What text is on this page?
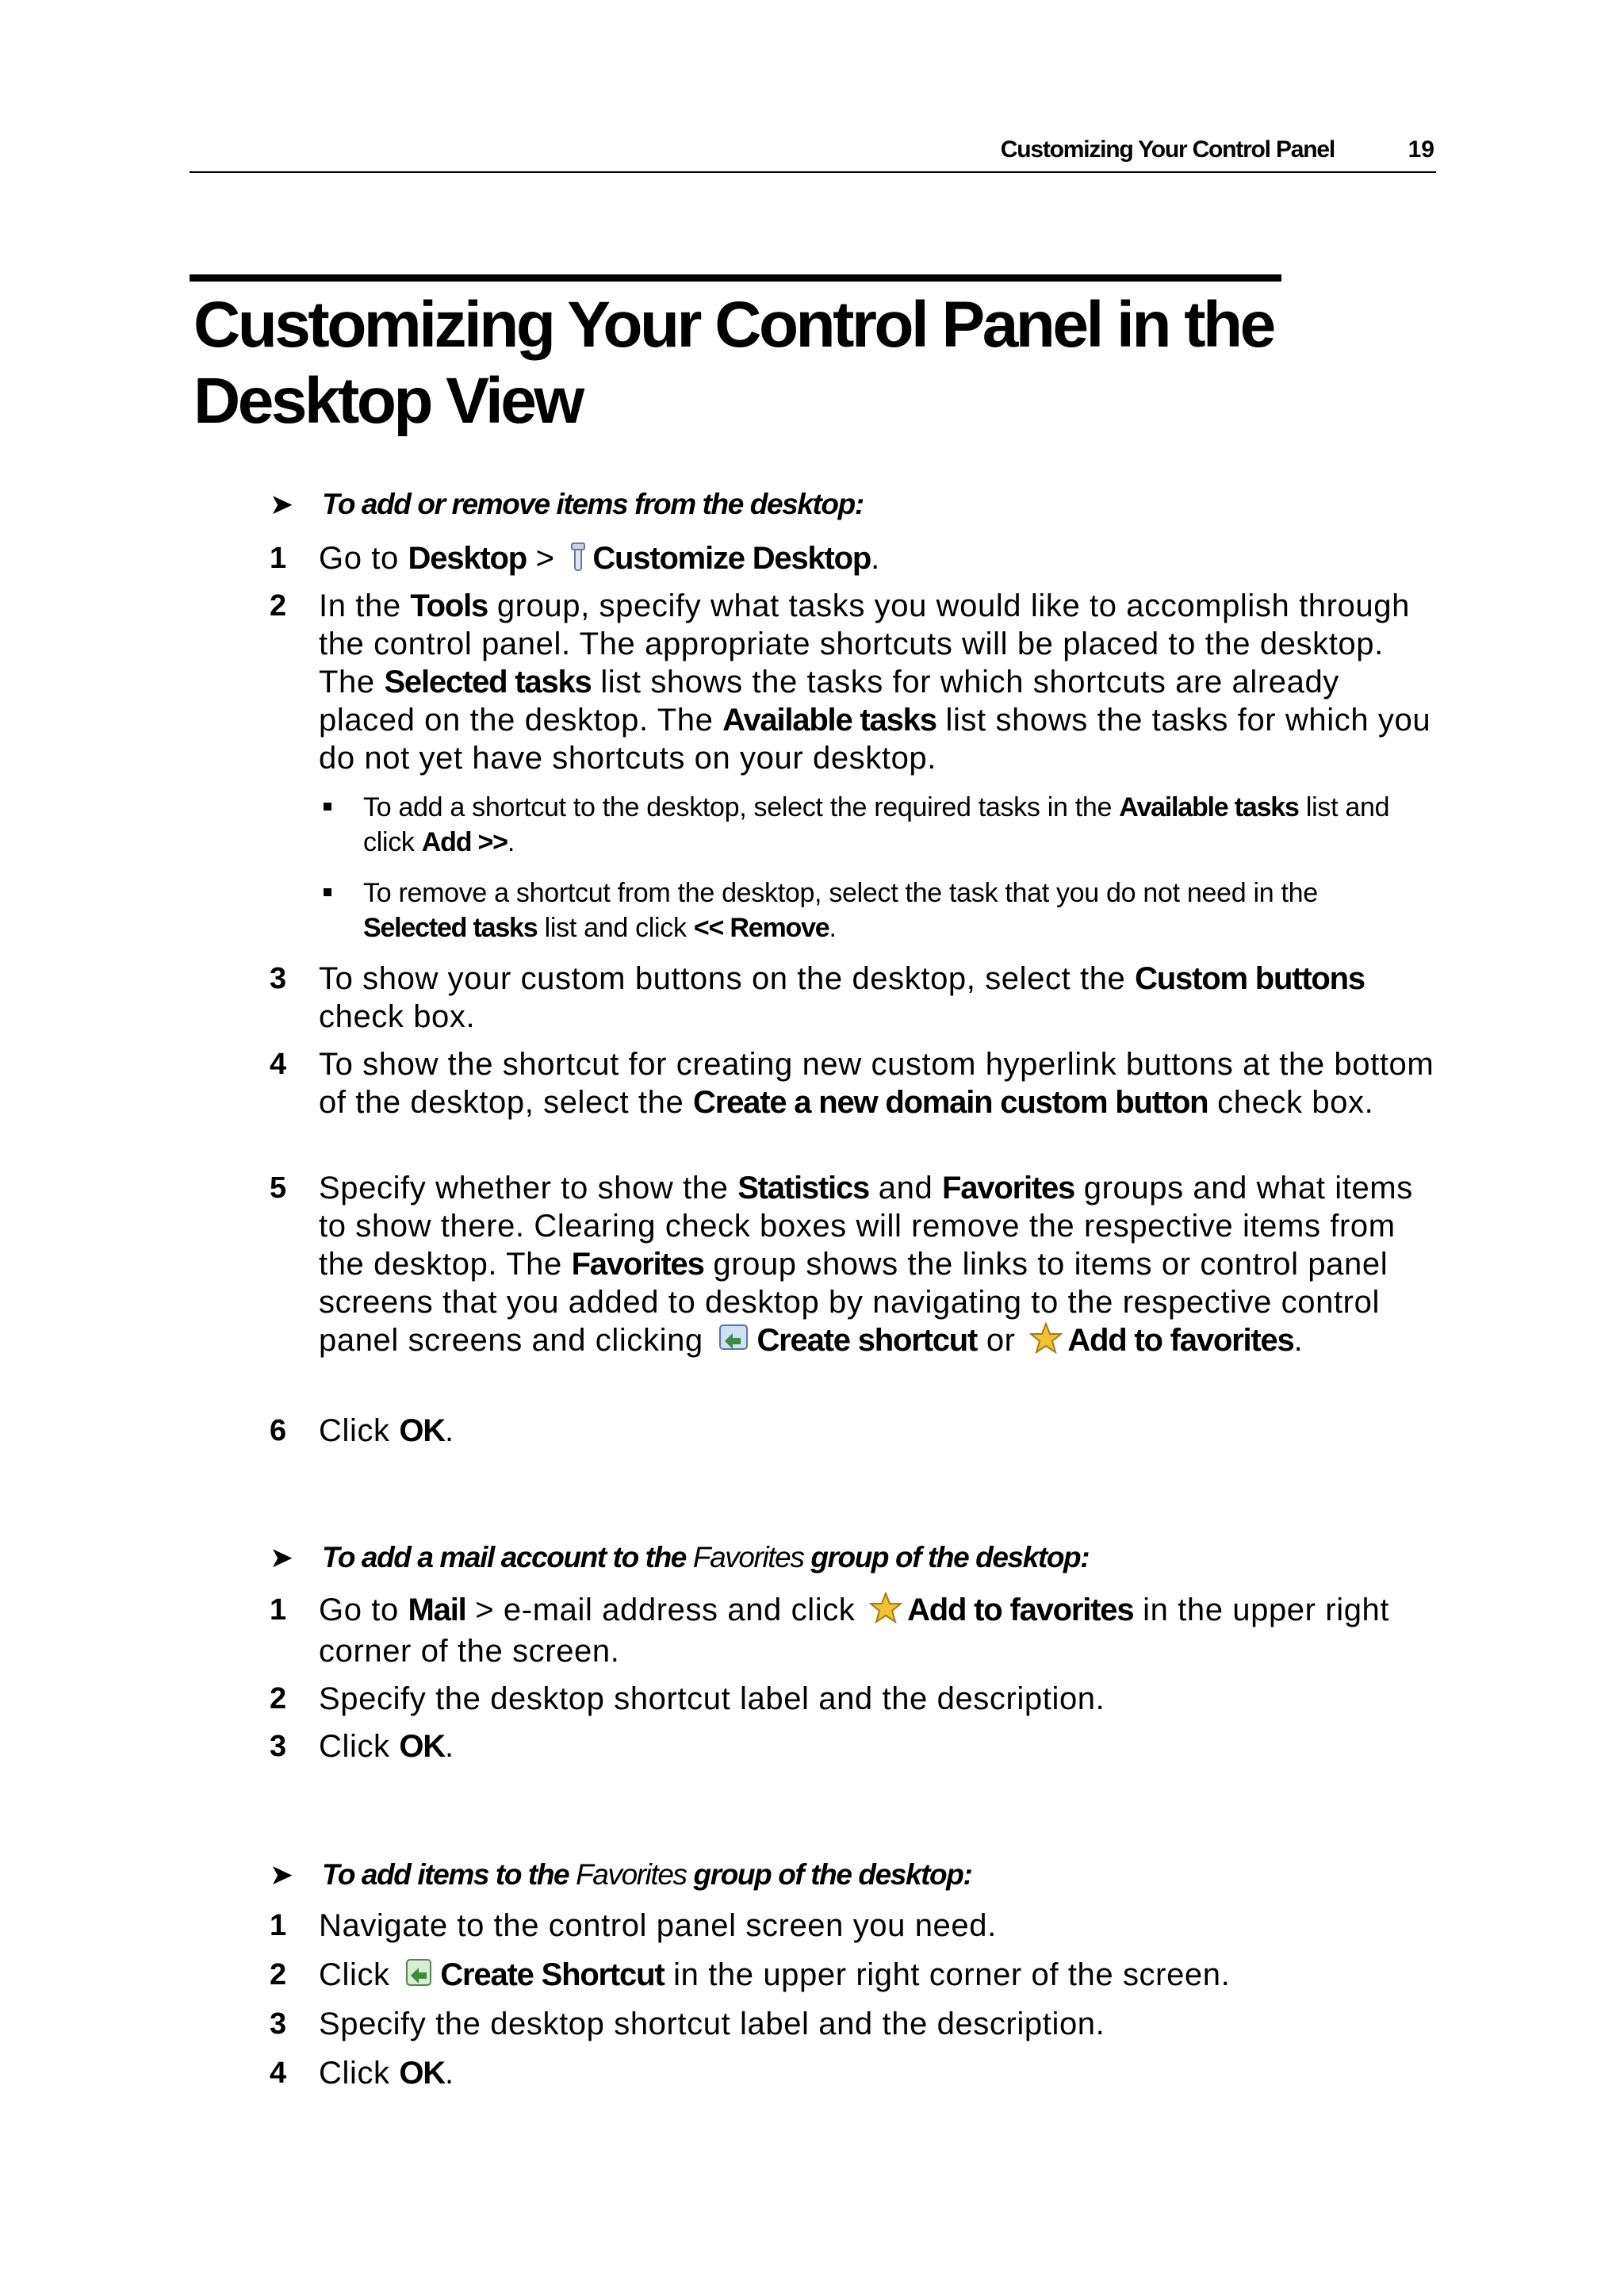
Customizing Your Control Panel	19
Customizing Your Control Panel in the
Desktop View
➤ To add or remove items from the desktop:
1 Go to Desktop > Customize Desktop.
2 In the Tools group, specify what tasks you would like to accomplish through the control panel. The appropriate shortcuts will be placed to the desktop. The Selected tasks list shows the tasks for which shortcuts are already placed on the desktop. The Available tasks list shows the tasks for which you do not yet have shortcuts on your desktop.
To add a shortcut to the desktop, select the required tasks in the Available tasks list and click Add >>.
To remove a shortcut from the desktop, select the task that you do not need in the Selected tasks list and click << Remove.
3 To show your custom buttons on the desktop, select the Custom buttons check box.
4 To show the shortcut for creating new custom hyperlink buttons at the bottom of the desktop, select the Create a new domain custom button check box.
5 Specify whether to show the Statistics and Favorites groups and what items to show there. Clearing check boxes will remove the respective items from the desktop. The Favorites group shows the links to items or control panel screens that you added to desktop by navigating to the respective control panel screens and clicking Create shortcut or Add to favorites.
6 Click OK.
➤ To add a mail account to the Favorites group of the desktop:
1 Go to Mail > e-mail address and click Add to favorites in the upper right corner of the screen.
2 Specify the desktop shortcut label and the description.
3 Click OK.
➤ To add items to the Favorites group of the desktop:
1 Navigate to the control panel screen you need.
2 Click Create Shortcut in the upper right corner of the screen.
3 Specify the desktop shortcut label and the description.
4 Click OK.
